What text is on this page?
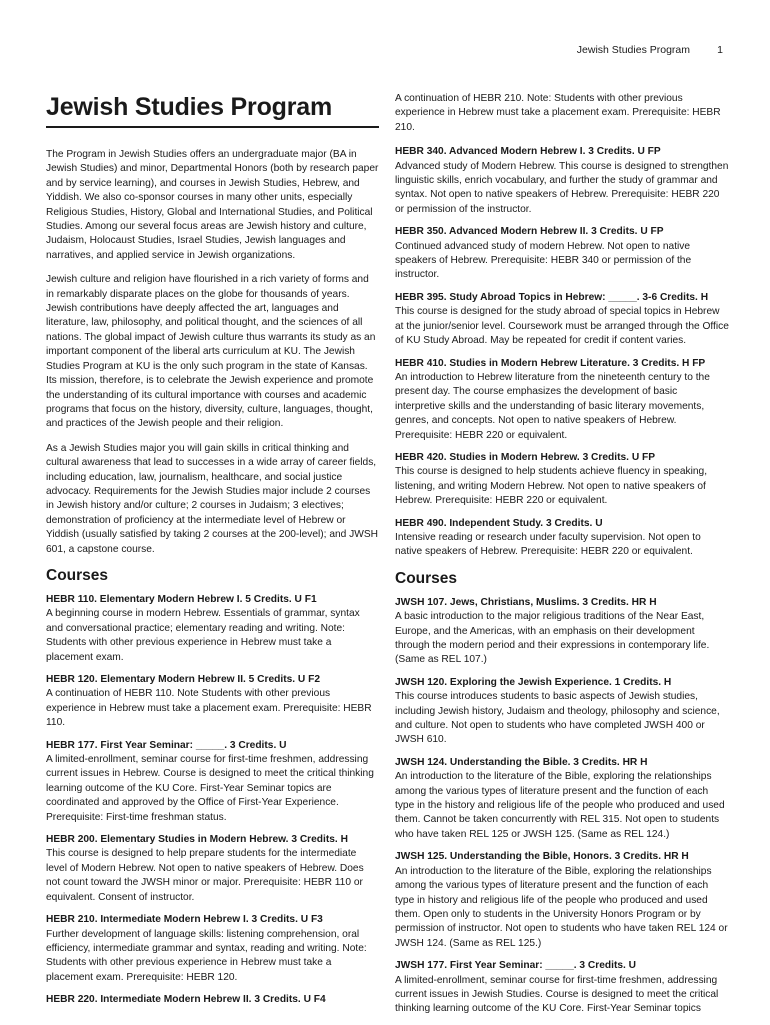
Jewish Studies Program	1
Jewish Studies Program

The Program in Jewish Studies offers an undergraduate major (BA in Jewish Studies) and minor, Departmental Honors (both by research paper and by service learning), and courses in Jewish Studies, Hebrew, and Yiddish. We also co-sponsor courses in many other units, especially Religious Studies, History, Global and International Studies, and Political Studies. Among our several focus areas are Jewish history and culture, Judaism, Holocaust Studies, Israel Studies, Jewish languages and narratives, and applied service in Jewish organizations.

Jewish culture and religion have flourished in a rich variety of forms and in remarkably disparate places on the globe for thousands of years. Jewish contributions have deeply affected the art, languages and literature, law, philosophy, and political thought, and the sciences of all nations. The global impact of Jewish culture thus warrants its study as an important component of the liberal arts curriculum at KU. The Jewish Studies Program at KU is the only such program in the state of Kansas. Its mission, therefore, is to celebrate the Jewish experience and promote the understanding of its cultural importance with courses and academic programs that focus on the history, diversity, culture, languages, thought, and practices of the Jewish people and their religion.

As a Jewish Studies major you will gain skills in critical thinking and cultural awareness that lead to successes in a wide array of career fields, including education, law, journalism, healthcare, and social justice advocacy. Requirements for the Jewish Studies major include 2 courses in Jewish history and/or culture; 2 courses in Judaism; 3 electives; demonstration of proficiency at the intermediate level of Hebrew or Yiddish (usually satisfied by taking 2 courses at the 200-level); and JWSH 601, a capstone course.

Courses

HEBR 110. Elementary Modern Hebrew I. 5 Credits. U F1

A beginning course in modern Hebrew. Essentials of grammar, syntax and conversational practice; elementary reading and writing. Note: Students with other previous experience in Hebrew must take a placement exam.

HEBR 120. Elementary Modern Hebrew II. 5 Credits. U F2

A continuation of HEBR 110. Note Students with other previous experience in Hebrew must take a placement exam. Prerequisite: HEBR 110.

HEBR 177. First Year Seminar: _____. 3 Credits. U

A limited-enrollment, seminar course for first-time freshmen, addressing current issues in Hebrew. Course is designed to meet the critical thinking learning outcome of the KU Core. First-Year Seminar topics are coordinated and approved by the Office of First-Year Experience. Prerequisite: First-time freshman status.

HEBR 200. Elementary Studies in Modern Hebrew. 3 Credits. H

This course is designed to help prepare students for the intermediate level of Modern Hebrew. Not open to native speakers of Hebrew. Does not count toward the JWSH minor or major. Prerequisite: HEBR 110 or equivalent. Consent of instructor.

HEBR 210. Intermediate Modern Hebrew I. 3 Credits. U F3

Further development of language skills: listening comprehension, oral efficiency, intermediate grammar and syntax, reading and writing. Note: Students with other previous experience in Hebrew must take a placement exam. Prerequisite: HEBR 120.

HEBR 220. Intermediate Modern Hebrew II. 3 Credits. U F4

A continuation of HEBR 210. Note: Students with other previous experience in Hebrew must take a placement exam. Prerequisite: HEBR 210.

HEBR 340. Advanced Modern Hebrew I. 3 Credits. U FP

Advanced study of Modern Hebrew. This course is designed to strengthen linguistic skills, enrich vocabulary, and further the study of grammar and syntax. Not open to native speakers of Hebrew. Prerequisite: HEBR 220 or permission of the instructor.

HEBR 350. Advanced Modern Hebrew II. 3 Credits. U FP

Continued advanced study of modern Hebrew. Not open to native speakers of Hebrew. Prerequisite: HEBR 340 or permission of the instructor.

HEBR 395. Study Abroad Topics in Hebrew: _____. 3-6 Credits. H

This course is designed for the study abroad of special topics in Hebrew at the junior/senior level. Coursework must be arranged through the Office of KU Study Abroad. May be repeated for credit if content varies.

HEBR 410. Studies in Modern Hebrew Literature. 3 Credits. H FP

An introduction to Hebrew literature from the nineteenth century to the present day. The course emphasizes the development of basic interpretive skills and the understanding of basic literary movements, genres, and concepts. Not open to native speakers of Hebrew. Prerequisite: HEBR 220 or equivalent.

HEBR 420. Studies in Modern Hebrew. 3 Credits. U FP

This course is designed to help students achieve fluency in speaking, listening, and writing Modern Hebrew. Not open to native speakers of Hebrew. Prerequisite: HEBR 220 or equivalent.

HEBR 490. Independent Study. 3 Credits. U

Intensive reading or research under faculty supervision. Not open to native speakers of Hebrew. Prerequisite: HEBR 220 or equivalent.

Courses

JWSH 107. Jews, Christians, Muslims. 3 Credits. HR H

A basic introduction to the major religious traditions of the Near East, Europe, and the Americas, with an emphasis on their development through the modern period and their expressions in contemporary life. (Same as REL 107.)

JWSH 120. Exploring the Jewish Experience. 1 Credits. H

This course introduces students to basic aspects of Jewish studies, including Jewish history, Judaism and theology, philosophy and science, and culture. Not open to students who have completed JWSH 400 or JWSH 610.

JWSH 124. Understanding the Bible. 3 Credits. HR H

An introduction to the literature of the Bible, exploring the relationships among the various types of literature present and the function of each type in the history and religious life of the people who produced and used them. Cannot be taken concurrently with REL 315. Not open to students who have taken REL 125 or JWSH 125. (Same as REL 124.)

JWSH 125. Understanding the Bible, Honors. 3 Credits. HR H

An introduction to the literature of the Bible, exploring the relationships among the various types of literature present and the function of each type in history and religious life of the people who produced and used them. Open only to students in the University Honors Program or by permission of instructor. Not open to students who have taken REL 124 or JWSH 124. (Same as REL 125.)

JWSH 177. First Year Seminar: _____. 3 Credits. U

A limited-enrollment, seminar course for first-time freshmen, addressing current issues in Jewish Studies. Course is designed to meet the critical thinking learning outcome of the KU Core. First-Year Seminar topics
